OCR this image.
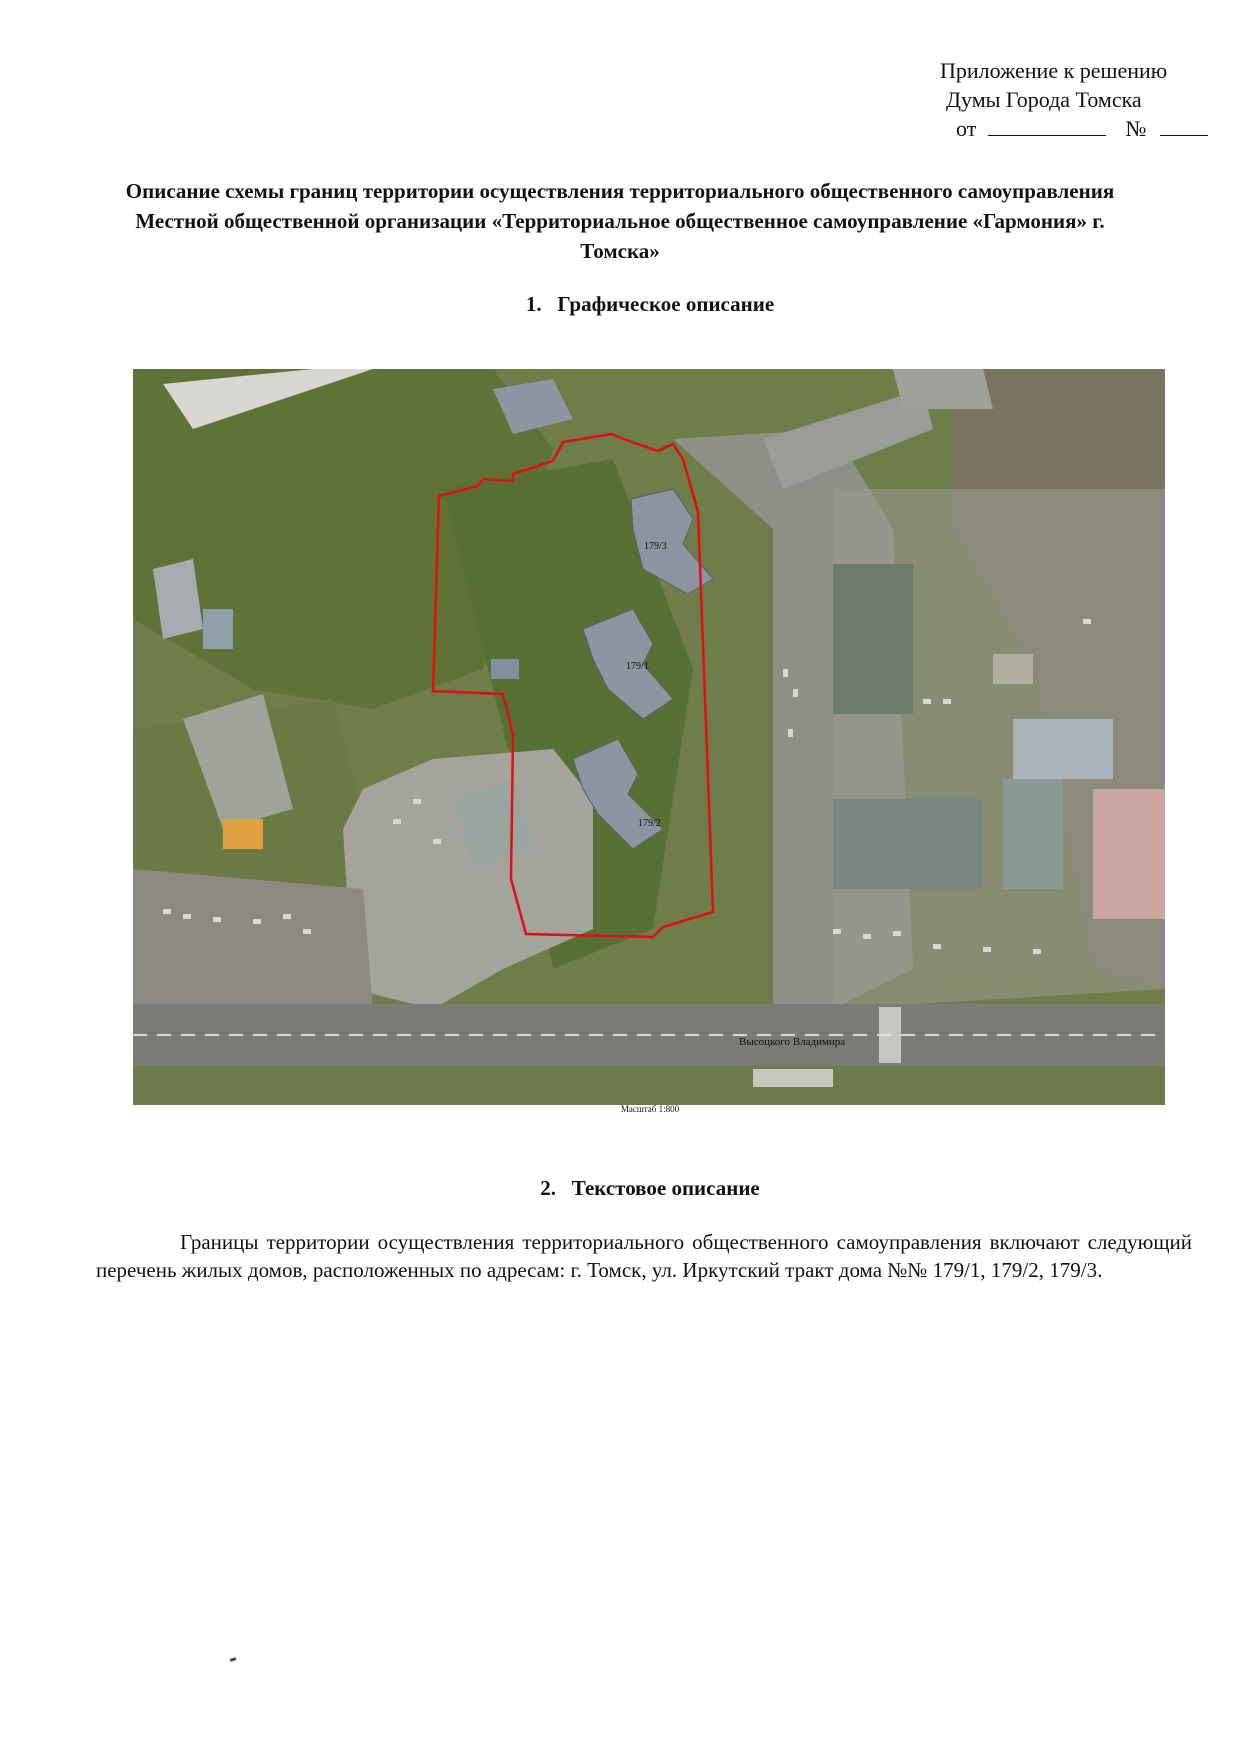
Приложение к решению
Думы Города Томска
от	№
Описание схемы границ территории осуществления территориального общественного самоуправления Местной общественной организации «Территориальное общественное самоуправление «Гармония» г. Томска»
1. Графическое описание
179/3
179/1
179/2
Высоцкого Владимира
Масштаб 1:800
2. Текстовое описание
Границы территории осуществления территориального общественного самоуправления включают следующий перечень жилых домов, расположенных по адресам: г. Томск, ул. Иркутский тракт дома №№ 179/1, 179/2, 179/3.
